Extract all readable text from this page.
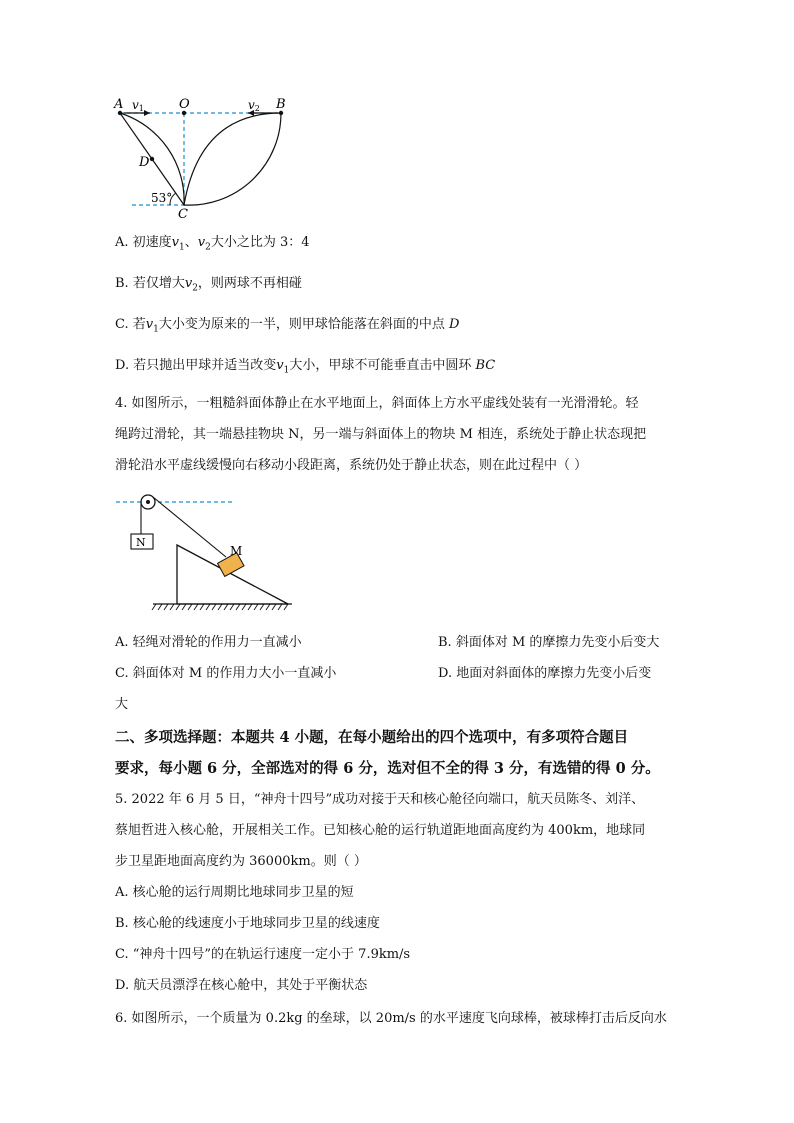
A v1	O	v2 B
D
53°
C
A. 初速度$v_1$、$v_2$大小之比为 3：4
B. 若仅增大$v_2$，则两球不再相碰
C. 若$v_1$大小变为原来的一半，则甲球恰能落在斜面的中点 D
D. 若只抛出甲球并适当改变$v_1$大小，甲球不可能垂直击中圆环 BC
4. 如图所示，一粗糙斜面体静止在水平地面上，斜面体上方水平虚线处装有一光滑滑轮。轻
绳跨过滑轮，其一端悬挂物块 N，另一端与斜面体上的物块 M 相连，系统处于静止状态现把
滑轮沿水平虚线缓慢向右移动小段距离，系统仍处于静止状态，则在此过程中（ ）
N
M
A. 轻绳对滑轮的作用力一直减小	B. 斜面体对 M 的摩擦力先变小后变大
C. 斜面体对 M 的作用力大小一直减小	D. 地面对斜面体的摩擦力先变小后变
大
二、多项选择题：本题共 4 小题，在每小题给出的四个选项中，有多项符合题目
要求，每小题 6 分，全部选对的得 6 分，选对但不全的得 3 分，有选错的得 0 分。
5. 2022 年 6 月 5 日，“神舟十四号”成功对接于天和核心舱径向端口，航天员陈冬、刘洋、
蔡旭哲进入核心舱，开展相关工作。已知核心舱的运行轨道距地面高度约为 400km，地球同
步卫星距地面高度约为 36000km。则（ ）
A. 核心舱的运行周期比地球同步卫星的短
B. 核心舱的线速度小于地球同步卫星的线速度
C. “神舟十四号”的在轨运行速度一定小于 7.9km/s
D. 航天员漂浮在核心舱中，其处于平衡状态
6. 如图所示，一个质量为 0.2kg 的垒球，以 20m/s 的水平速度飞向球棒，被球棒打击后反向水
